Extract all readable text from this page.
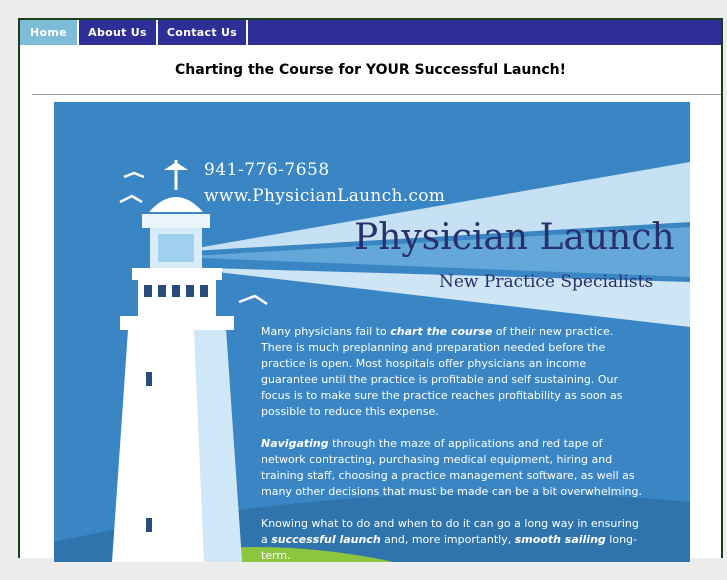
Home	About Us	Contact Us
Charting the Course for YOUR Successful Launch!
941-776-7658
www.PhysicianLaunch.com
Physician Launch
New Practice Specialists

Many physicians fail to chart the course of their new practice. There is much preplanning and preparation needed before the practice is open. Most hospitals offer physicians an income guarantee until the practice is profitable and self sustaining. Our focus is to make sure the practice reaches profitability as soon as possible to reduce this expense.

Navigating through the maze of applications and red tape of network contracting, purchasing medical equipment, hiring and training staff, choosing a practice management software, as well as many other decisions that must be made can be a bit overwhelming.

Knowing what to do and when to do it can go a long way in ensuring a successful launch and, more importantly, smooth sailing long-term.
